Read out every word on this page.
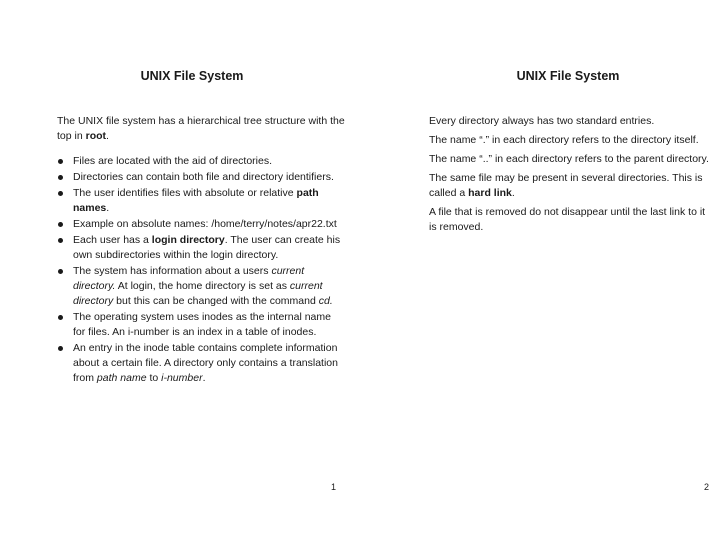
UNIX File System

The UNIX file system has a hierarchical tree structure with the top in root.

Files are located with the aid of directories.
Directories can contain both file and directory identifiers.
The user identifies files with absolute or relative path names.
Example on absolute names: /home/terry/notes/apr22.txt
Each user has a login directory. The user can create his own subdirectories within the login directory.
The system has information about a users current directory. At login, the home directory is set as current directory but this can be changed with the command cd.
The operating system uses inodes as the internal name for files. An i-number is an index in a table of inodes.
An entry in the inode table contains complete information about a certain file. A directory only contains a translation from path name to i-number.
1
UNIX File System

Every directory always has two standard entries.

The name “.” in each directory refers to the directory itself.

The name “..” in each directory refers to the parent directory.

The same file may be present in several directories. This is called a hard link.

A file that is removed do not disappear until the last link to it is removed.

2
